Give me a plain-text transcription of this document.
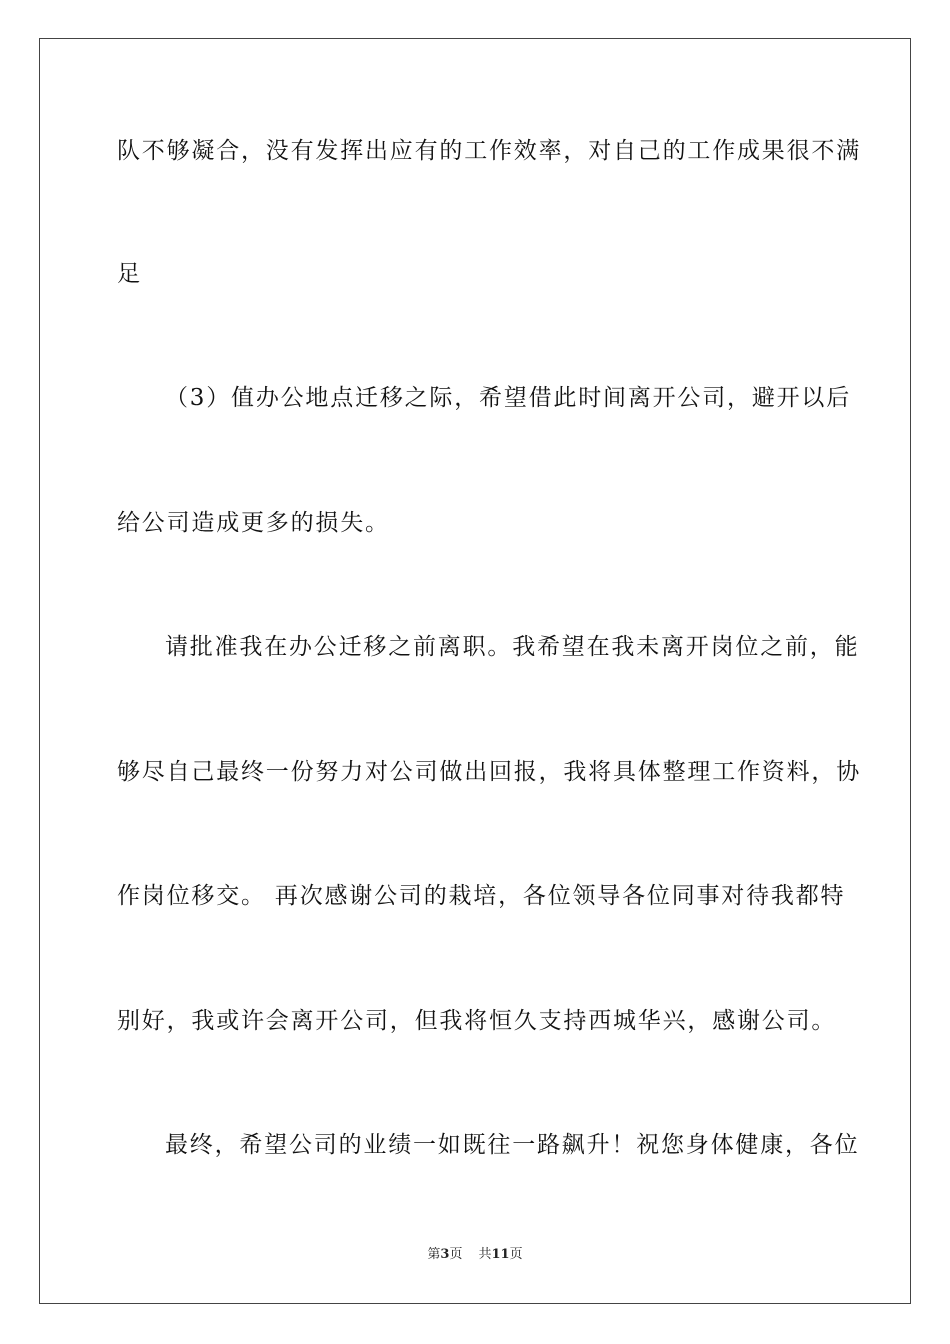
队不够凝合，没有发挥出应有的工作效率，对自己的工作成果很不满
足
（3）值办公地点迁移之际，希望借此时间离开公司，避开以后
给公司造成更多的损失。
请批准我在办公迁移之前离职。我希望在我未离开岗位之前，能
够尽自己最终一份努力对公司做出回报，我将具体整理工作资料，协
作岗位移交。 再次感谢公司的栽培，各位领导各位同事对待我都特
别好，我或许会离开公司，但我将恒久支持西城华兴，感谢公司。
最终，希望公司的业绩一如既往一路飙升！祝您身体健康，各位
第3页 共11页
